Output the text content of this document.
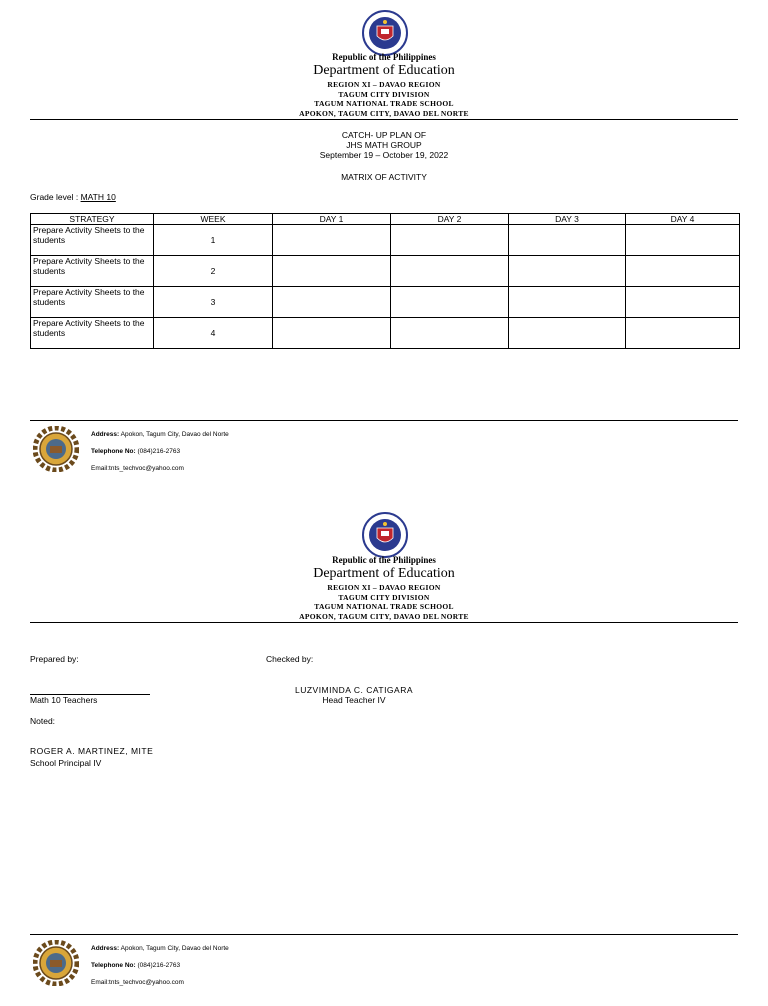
Republic of the Philippines
Department of Education
REGION XI – DAVAO REGION
TAGUM CITY DIVISION
TAGUM NATIONAL TRADE SCHOOL
APOKON, TAGUM CITY, DAVAO DEL NORTE
CATCH- UP PLAN OF
JHS MATH GROUP
September 19 – October 19, 2022
MATRIX OF ACTIVITY
Grade level : MATH 10
STRATEGY	WEEK	DAY 1	DAY 2	DAY 3	DAY 4
Prepare Activity Sheets to the students	1				
Prepare Activity Sheets to the students	2				
Prepare Activity Sheets to the students	3				
Prepare Activity Sheets to the students	4				
Address: Apokon, Tagum City, Davao del Norte
Telephone No: (084)216-2763
Email:tnts_techvoc@yahoo.com
Republic of the Philippines
Department of Education
REGION XI – DAVAO REGION
TAGUM CITY DIVISION
TAGUM NATIONAL TRADE SCHOOL
APOKON, TAGUM CITY, DAVAO DEL NORTE
Prepared by:	Checked by:
Math 10 Teachers
LUZVIMINDA C. CATIGARA
Head Teacher IV
Noted:
ROGER A. MARTINEZ, MITE
School Principal IV
Address: Apokon, Tagum City, Davao del Norte
Telephone No: (084)216-2763
Email:tnts_techvoc@yahoo.com
